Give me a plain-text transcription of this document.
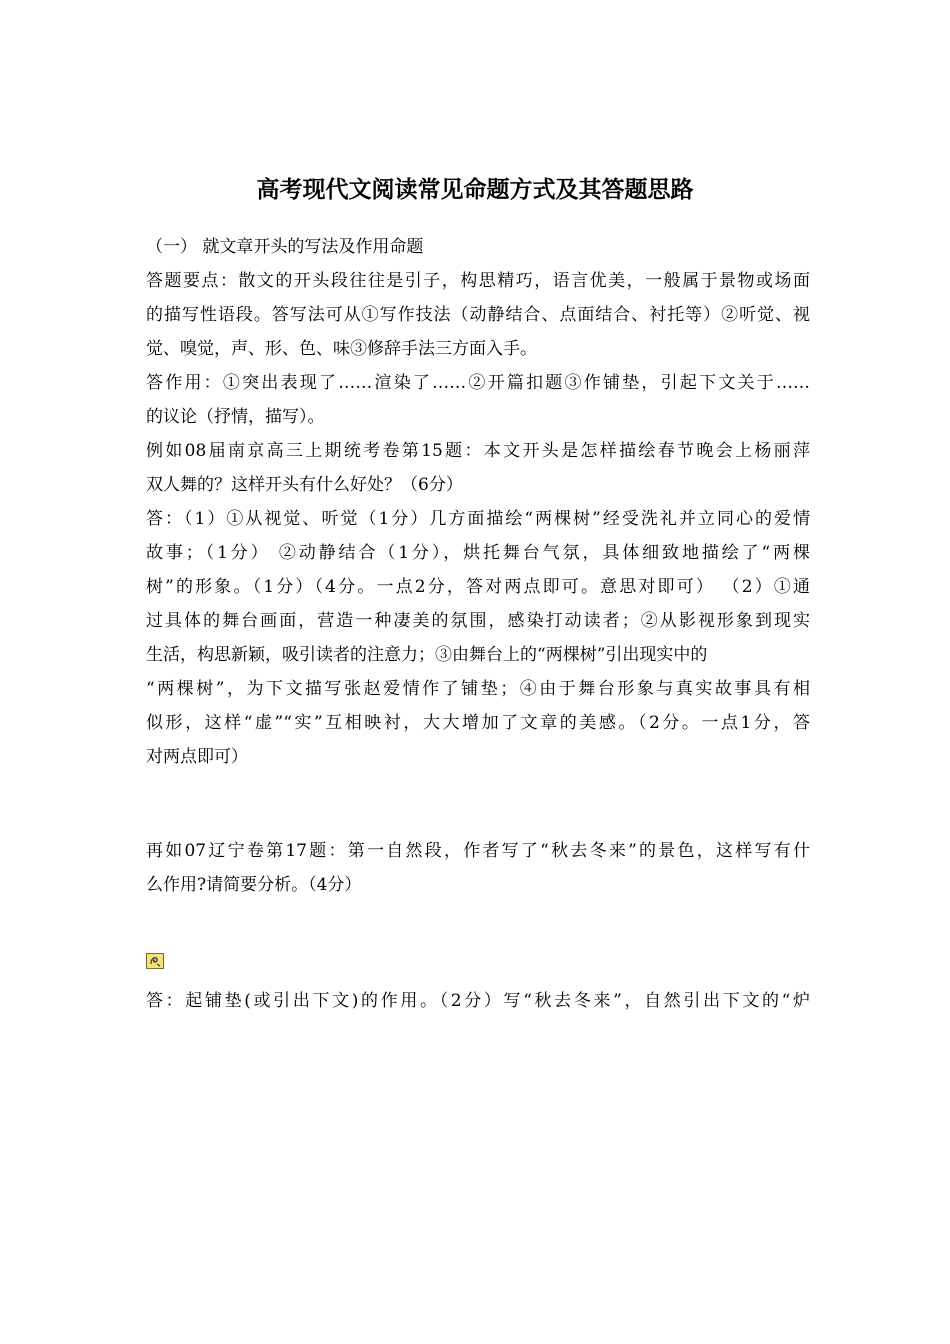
高考现代文阅读常见命题方式及其答题思路

（一） 就文章开头的写法及作用命题

答题要点：散文的开头段往往是引子，构思精巧，语言优美，一般属于景物或场面
的描写性语段。答写法可从①写作技法（动静结合、点面结合、衬托等）②听觉、视
觉、嗅觉，声、形、色、味③修辞手法三方面入手。

答作用：①突出表现了……渲染了……②开篇扣题③作铺垫，引起下文关于……
的议论（抒情，描写）。

例如08届南京高三上期统考卷第15题：本文开头是怎样描绘春节晚会上杨丽萍
双人舞的？这样开头有什么好处？（6分）

答：（1）①从视觉、听觉（1分）几方面描绘“两棵树”经受洗礼并立同心的爱情
故事；（1分） ②动静结合（1分），烘托舞台气氛，具体细致地描绘了“两棵
树”的形象。（1分）（4分。一点2分，答对两点即可。意思对即可） （2）①通
过具体的舞台画面，营造一种凄美的氛围，感染打动读者；②从影视形象到现实
生活，构思新颖，吸引读者的注意力；③由舞台上的“两棵树”引出现实中的
“两棵树”，为下文描写张赵爱情作了铺垫；④由于舞台形象与真实故事具有相
似形，这样“虚”“实”互相映衬，大大增加了文章的美感。（2分。一点1分，答
对两点即可）

再如07辽宁卷第17题：第一自然段，作者写了“秋去冬来”的景色，这样写有什
么作用?请简要分析。（4分）

答：起铺垫(或引出下文)的作用。（2分）写“秋去冬来”，自然引出下文的“炉
